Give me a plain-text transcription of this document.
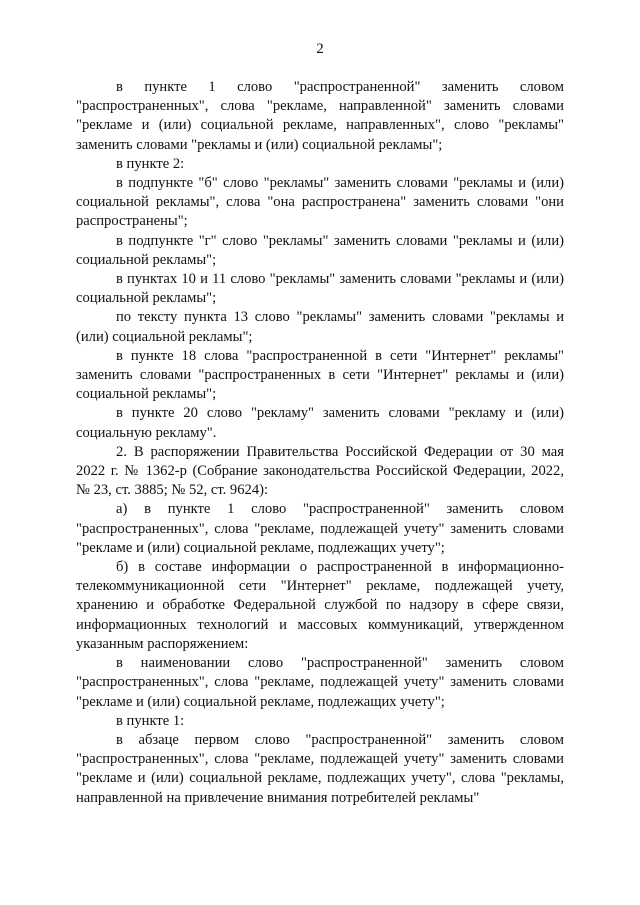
2

в пункте 1 слово "распространенной" заменить словом "распространенных", слова "рекламе, направленной" заменить словами "рекламе и (или) социальной рекламе, направленных", слово "рекламы" заменить словами "рекламы и (или) социальной рекламы";

в пункте 2:

в подпункте "б" слово "рекламы" заменить словами "рекламы и (или) социальной рекламы", слова "она распространена" заменить словами "они распространены";

в подпункте "г" слово "рекламы" заменить словами "рекламы и (или) социальной рекламы";

в пунктах 10 и 11 слово "рекламы" заменить словами "рекламы и (или) социальной рекламы";

по тексту пункта 13 слово "рекламы" заменить словами "рекламы и (или) социальной рекламы";

в пункте 18 слова "распространенной в сети "Интернет" рекламы" заменить словами "распространенных в сети "Интернет" рекламы и (или) социальной рекламы";

в пункте 20 слово "рекламу" заменить словами "рекламу и (или) социальную рекламу".

2. В распоряжении Правительства Российской Федерации от 30 мая 2022 г. № 1362-р (Собрание законодательства Российской Федерации, 2022, № 23, ст. 3885; № 52, ст. 9624):

а) в пункте 1 слово "распространенной" заменить словом "распространенных", слова "рекламе, подлежащей учету" заменить словами "рекламе и (или) социальной рекламе, подлежащих учету";

б) в составе информации о распространенной в информационно-телекоммуникационной сети "Интернет" рекламе, подлежащей учету, хранению и обработке Федеральной службой по надзору в сфере связи, информационных технологий и массовых коммуникаций, утвержденном указанным распоряжением:

в наименовании слово "распространенной" заменить словом "распространенных", слова "рекламе, подлежащей учету" заменить словами "рекламе и (или) социальной рекламе, подлежащих учету";

в пункте 1:

в абзаце первом слово "распространенной" заменить словом "распространенных", слова "рекламе, подлежащей учету" заменить словами "рекламе и (или) социальной рекламе, подлежащих учету", слова "рекламы, направленной на привлечение внимания потребителей рекламы"
